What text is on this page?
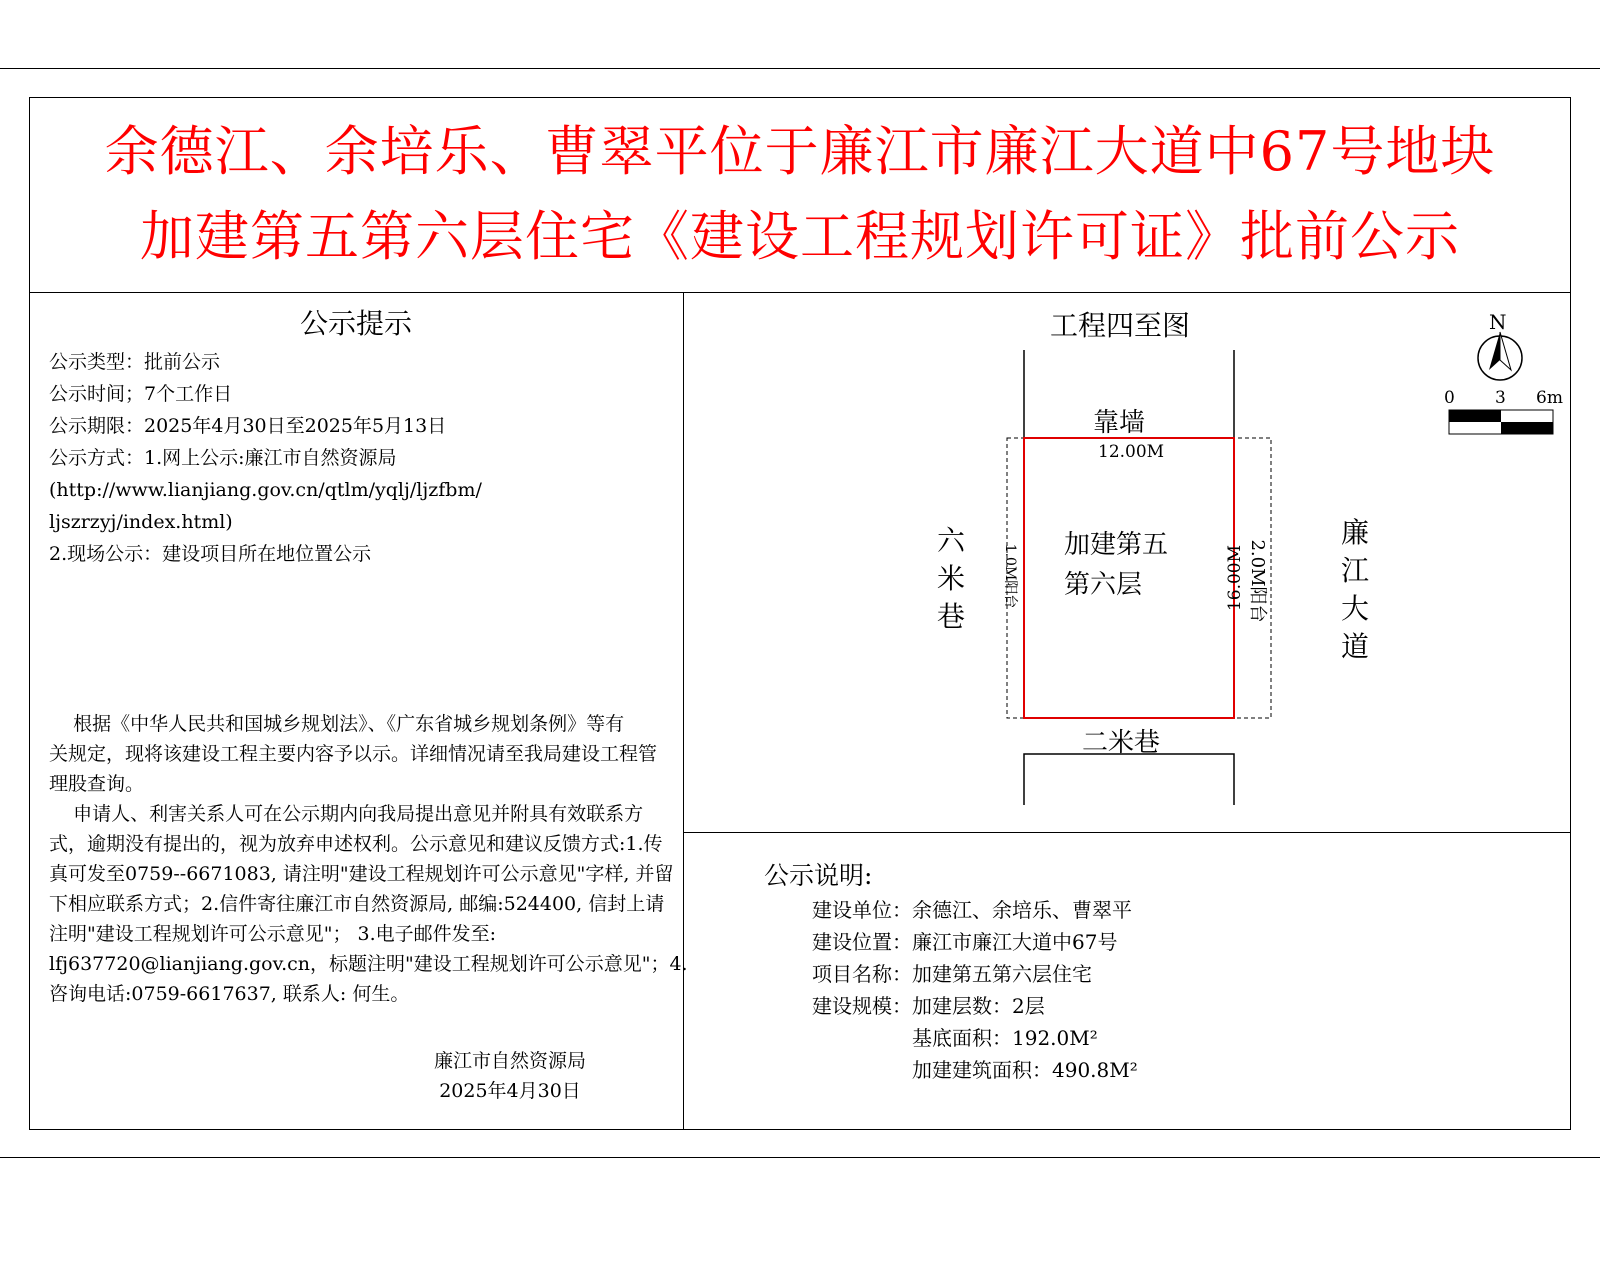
余德江、余培乐、曹翠平位于廉江市廉江大道中67号地块
加建第五第六层住宅《建设工程规划许可证》批前公示
公示提示
公示类型：批前公示
公示时间；7个工作日
公示期限：2025年4月30日至2025年5月13日
公示方式：1.网上公示:廉江市自然资源局
(http://www.lianjiang.gov.cn/qtlm/yqlj/ljzfbm/
ljszrzyj/index.html)
2.现场公示：建设项目所在地位置公示
根据《中华人民共和国城乡规划法》、《广东省城乡规划条例》等有
关规定，现将该建设工程主要内容予以示。详细情况请至我局建设工程管
理股查询。
申请人、利害关系人可在公示期内向我局提出意见并附具有效联系方
式，逾期没有提出的，视为放弃申述权利。公示意见和建议反馈方式:1.传
真可发至0759--6671083, 请注明"建设工程规划许可公示意见"字样, 并留
下相应联系方式；2.信件寄往廉江市自然资源局, 邮编:524400, 信封上请
注明"建设工程规划许可公示意见"； 3.电子邮件发至:
lfj637720@lianjiang.gov.cn，标题注明"建设工程规划许可公示意见"；4.
咨询电话:0759-6617637, 联系人: 何生。
廉江市自然资源局
2025年4月30日
工程四至图	N
0 3 6m
靠墙
12.00M
加建第五
第六层
六米巷
廉江大道
二米巷
16.00M 2.0M阳台
1.0M阳台
公示说明:
建设单位：余德江、余培乐、曹翠平
建设位置：廉江市廉江大道中67号
项目名称：加建第五第六层住宅
建设规模：加建层数：2层
基底面积：192.0M²
加建建筑面积：490.8M²
